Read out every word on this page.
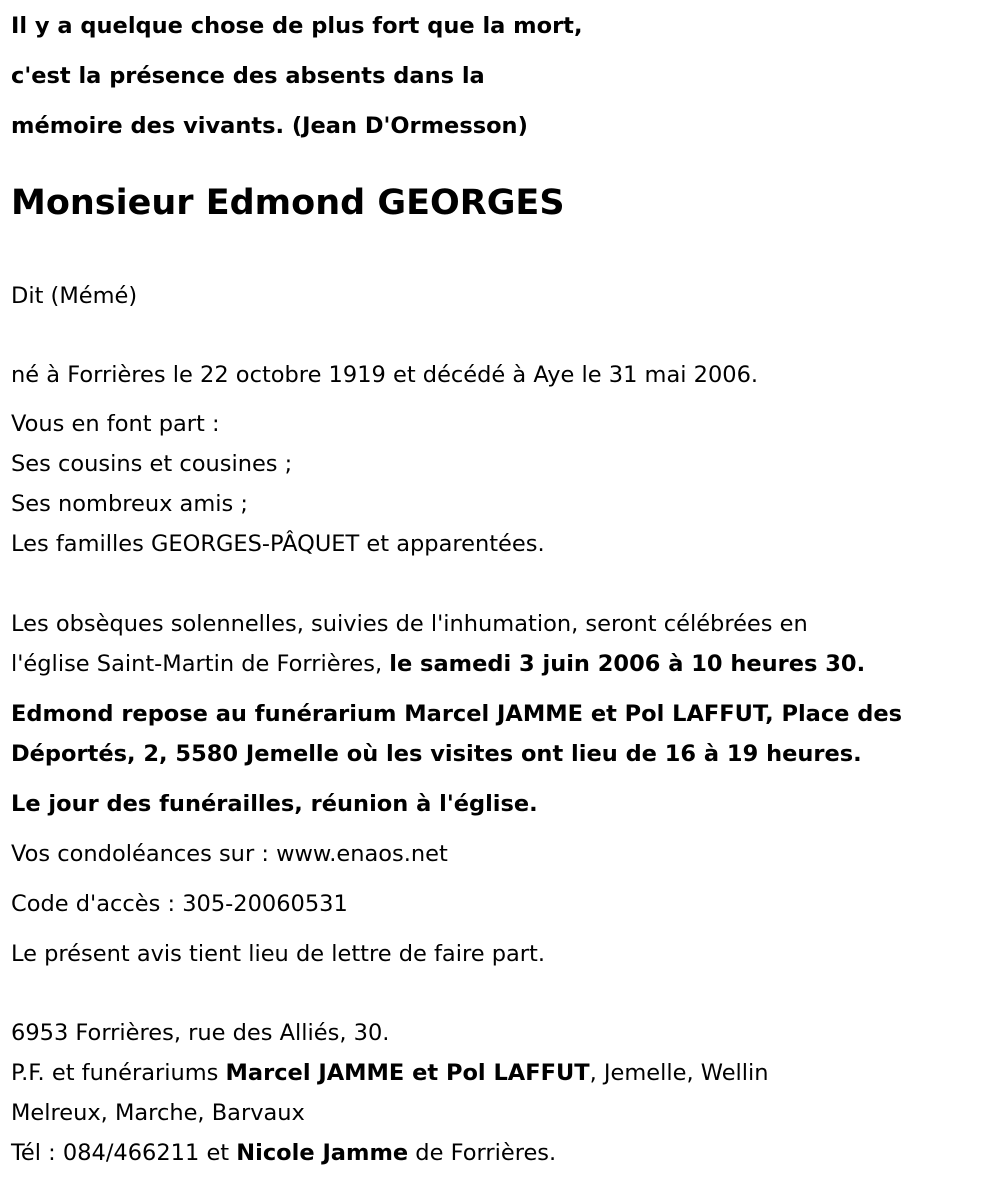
Il y a quelque chose de plus fort que la mort,
c'est la présence des absents dans la
mémoire des vivants. (Jean D'Ormesson)
Monsieur Edmond GEORGES
Dit (Mémé)
né à Forrières le 22 octobre 1919 et décédé à Aye le 31 mai 2006.
Vous en font part :
Ses cousins et cousines ;
Ses nombreux amis ;
Les familles GEORGES-PÂQUET et apparentées.
Les obsèques solennelles, suivies de l'inhumation, seront célébrées en
l'église Saint-Martin de Forrières, le samedi 3 juin 2006 à 10 heures 30.
Edmond repose au funérarium Marcel JAMME et Pol LAFFUT, Place des
Déportés, 2, 5580 Jemelle où les visites ont lieu de 16 à 19 heures.
Le jour des funérailles, réunion à l'église.
Vos condoléances sur : www.enaos.net
Code d'accès : 305-20060531
Le présent avis tient lieu de lettre de faire part.
6953 Forrières, rue des Alliés, 30.
P.F. et funérariums Marcel JAMME et Pol LAFFUT, Jemelle, Wellin
Melreux, Marche, Barvaux
Tél : 084/466211 et Nicole Jamme de Forrières.
